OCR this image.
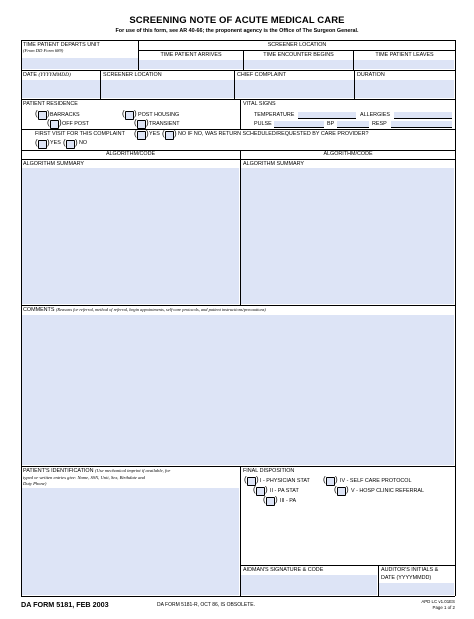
SCREENING NOTE OF ACUTE MEDICAL CARE
For use of this form, see AR 40-66; the proponent agency is the Office of The Surgeon General.
TIME PATIENT DEPARTS UNIT
(From DD Form 689)
SCREENER LOCATION
TIME PATIENT ARRIVES	TIME ENCOUNTER BEGINS	TIME PATIENT LEAVES
DATE (YYYYMMDD)	SCREENER LOCATION	CHIEF COMPLAINT	DURATION
PATIENT RESIDENCE
( ) BARRACKS
( ) OFF POST
( ) POST HOUSING
( ) TRANSIENT
VITAL SIGNS
TEMPERATURE	ALLERGIES
PULSE	BP	RESP
FIRST VISIT FOR THIS COMPLAINT ( ) YES ( ) NO IF NO, WAS RETURN SCHEDULED/REQUESTED BY CARE PROVIDER?
( ) YES ( ) NO
ALGORITHM/CODE	ALGORITHM/CODE
ALGORITHM SUMMARY	ALGORITHM SUMMARY
COMMENTS (Reasons for referral, method of referral, begin appointments, self-care protocols, and patient instructions/precautions)
PATIENT'S IDENTIFICATION (Use mechanical imprint if available, for
typed or written entries give: Name, SSN, Unit, Sex, Birthdate and
Duty Phone)
FINAL DISPOSITION
( ) I - PHYSICIAN STAT ( ) IV - SELF CARE PROTOCOL
( ) II - PA STAT	( ) V - HOSP CLINIC REFERRAL
( ) III - PA
AIDMAN'S SIGNATURE & CODE	AUDITOR'S INITIALS &
DATE (YYYYMMDD)
DA FORM 5181, FEB 2003	DA FORM 5181-R, OCT 86, IS OBSOLETE.
APD LC v1.01ES
Page 1 of 2
